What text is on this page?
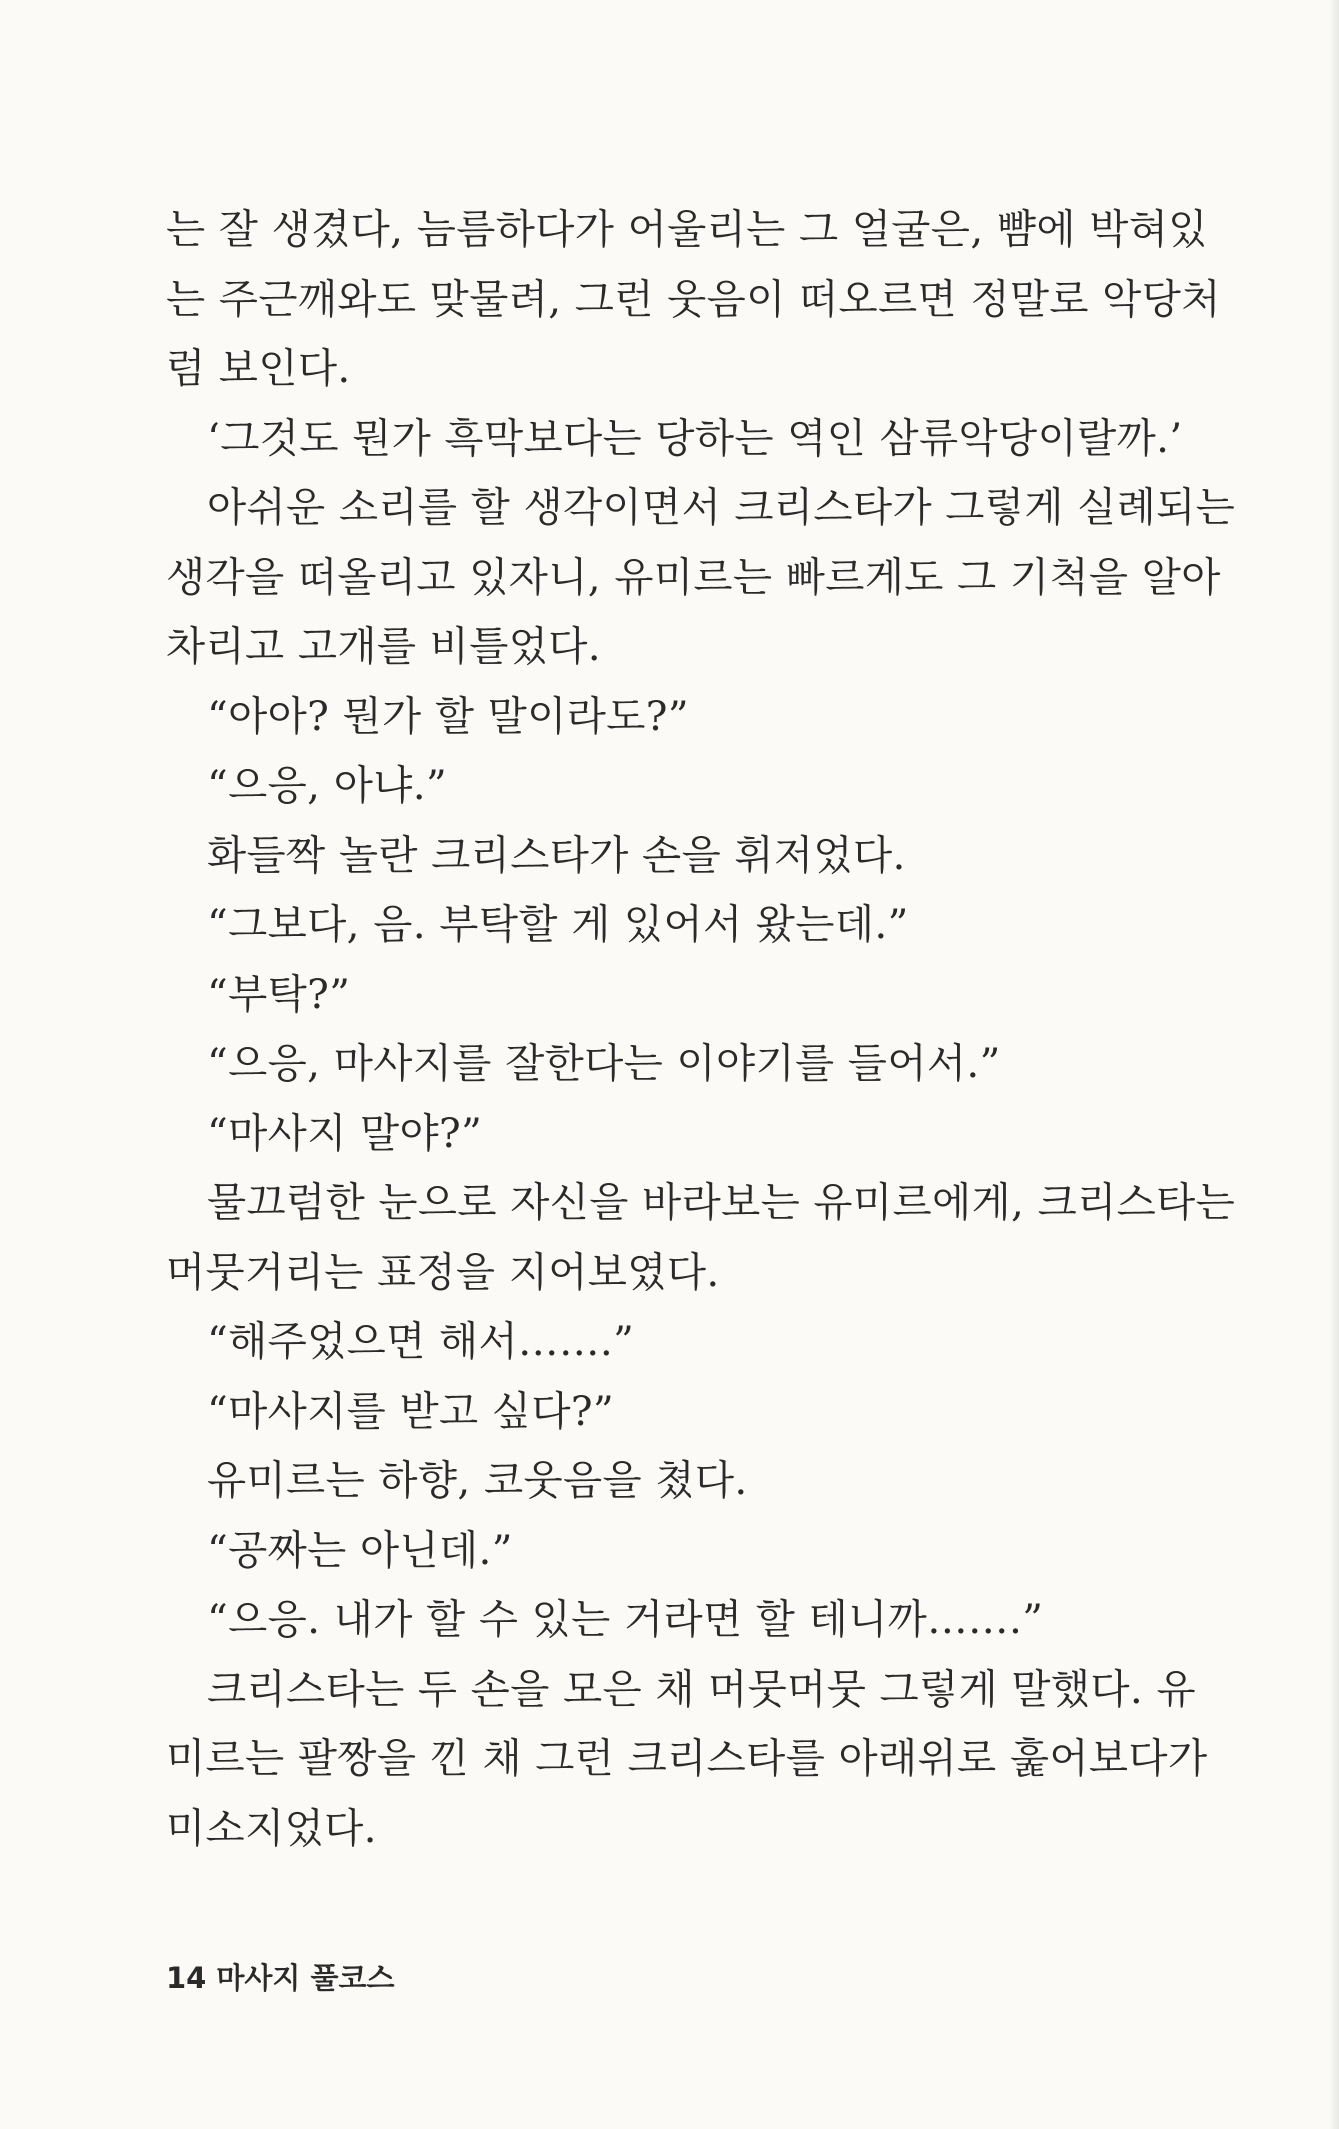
는 잘 생겼다, 늠름하다가 어울리는 그 얼굴은, 뺨에 박혀있
는 주근깨와도 맞물려, 그런 웃음이 떠오르면 정말로 악당처
럼 보인다.
‘그것도 뭔가 흑막보다는 당하는 역인 삼류악당이랄까.’
아쉬운 소리를 할 생각이면서 크리스타가 그렇게 실례되는
생각을 떠올리고 있자니, 유미르는 빠르게도 그 기척을 알아
차리고 고개를 비틀었다.
“아아? 뭔가 할 말이라도?”
“으응, 아냐.”
화들짝 놀란 크리스타가 손을 휘저었다.
“그보다, 음. 부탁할 게 있어서 왔는데.”
“부탁?”
“으응, 마사지를 잘한다는 이야기를 들어서.”
“마사지 말야?”
물끄럼한 눈으로 자신을 바라보는 유미르에게, 크리스타는
머뭇거리는 표정을 지어보였다.
“해주었으면 해서…….”
“마사지를 받고 싶다?”
유미르는 하향, 코웃음을 쳤다.
“공짜는 아닌데.”
“으응. 내가 할 수 있는 거라면 할 테니까…….”
크리스타는 두 손을 모은 채 머뭇머뭇 그렇게 말했다. 유
미르는 팔짱을 낀 채 그런 크리스타를 아래위로 훑어보다가
미소지었다.
14 마사지 풀코스
